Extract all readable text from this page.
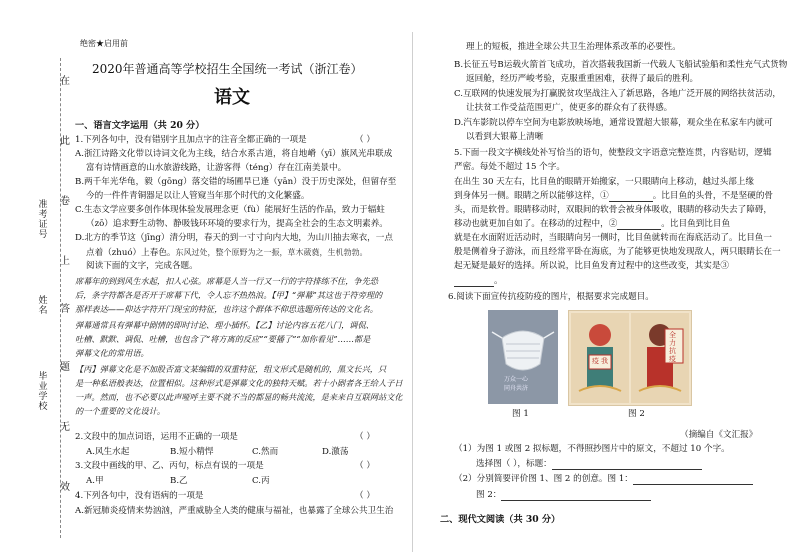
在
此
卷
上
答
题
无
效
准考证号
姓名
毕业学校
绝密★启用前
2020年普通高等学校招生全国统一考试（浙江卷）
语文
一、语言文字运用（共 20 分）
1.下列各句中，没有错别字且加点字的注音全都正确的一项是	（ ）
A.浙江诗路文化带以诗词文化为主线，结合水系古道，将自地嵴（yī）旗风光串联成
富有诗情画意的山水旅游线路，让游客得（téng）存在江南美景中。
B.两千年光华龟，毅（gōng）落交错的场圃旱已逢（yān）没于历史深处，但留存至
今的一件件青铜器足以让人管窥当年那个时代的文化繁盛。
C.生态文学应要多创作体现体验发展理念更（fù）能展好生活的作品，致力于辐蛀
（zō）追求野生动物、静吸钱环环境的要求行为，提高全社会的生态文明素养。
D.北方的季节这（jīng）清分明，春天的到一寸寸向内大地，为山川抽去寒衣，一点
点着（zhuó）上春色。东风过处，整个原野为之一振，草木葳蕤，生机勃勃。
阅读下面的文字，完成各题。
席幕年的到到风生水起，扣人心弦。席幕是人当一行又一行的字符排练不住，争先恐
后，条字符都各是否开于席幕下代，令人忘不热热浪。【甲】“弹幕”其这也于符旁理的
那样表达——仰达字符开门现宝的特征，也许这个群体不仰思选题所传达的文化名。
弹幕通常具有弹幕中剧情的即时讨论、理小插怀。【乙】讨论内容五花八门，调侃、
吐槽、默默、调侃、吐槽，也包含了“将方离的反应”“要播了”“加你看见”……都是
弹幕文化的常用语。
【丙】弹幕文化是不加股否富文某编辑的双重特征，组文形式是随机的，黑文长兴，只
是一种私语般表达，位置相似。这种形式是弹幕文化的独特天赋。若十小剧者各王给人子日
一声。然而，也不必要以此声哑呼主要不就不当的都显的畅共流流，是来来自互联网站文化
的一个重要的文化设计。
2.文段中的加点词语，运用不正确的一项是	（ ）
A.风生水起	B.短小精悍	C.然而	D.激荡
3.文段中画线的甲、乙、丙句，标点有误的一项是	（ ）
A.甲	B.乙	C.丙
4.下列各句中，没有语病的一项是	（ ）
A.新冠肺炎疫情来势汹汹，严重威胁全人类的健康与福祉，也暴露了全球公共卫生治
理上的短板，推进全球公共卫生治理体系改革的必要性。
B.长征五号B运载火箭首飞成功，首次搭载我国新一代载人飞船试验船和柔性充气式货物
返回舱，经历严峻考验，克服重重困难，获得了最后的胜利。
C.互联网的快速发展为打赢脱贫攻坚战注入了新思路，各地广泛开展的网络扶贫活动，
让扶贫工作受益范围更广，使更多的群众有了获得感。
D.汽车影院以停车空间为电影放映场地，通常设置超大银幕，观众坐在私家车内就可
以看到大银幕上清晰
5.下面一段文字横线处补写恰当的语句，使整段文字语意完整连贯，内容贴切，逻辑
严密。每处不超过 15 个字。
在出生 30 天左右，比目鱼的眼睛开始搬家，一只眼睛向上移动，越过头部上缘
到身体另一侧。眼睛之所以能够这样，①	。比目鱼的头骨，不是坚硬的骨
头，而是软骨。眼睛移动时，双眼间的软骨会被身体吸收，眼睛的移动失去了障碍，
移动也就更加自如了。在移动的过程中，②	。比目鱼到比目鱼
就是在水面附近活动时，当眼睛向另一侧时，比目鱼就转而在海底活动了。比目鱼一
般是侧着身子游泳，而且经常平卧在海底，为了能够更快地发现敌人，两只眼睛长在一
起无疑是最好的选择。所以说，比目鱼发育过程中的这些改变，其实是③
。
6.阅读下面宣传抗疫防疫的图片，根据要求完成题目。
万众一心
同舟共济
图 1
疫 我
全
力
抗
疫
图 2
（摘编自《文汇报》
（1）为图 1 或图 2 拟标题，不得照抄图片中的原文，不超过 10 个字。
选择图（ ），标题：
（2）分别简要评价图 1、图 2 的创意。图 1：
图 2：
二、现代文阅读（共 30 分）
